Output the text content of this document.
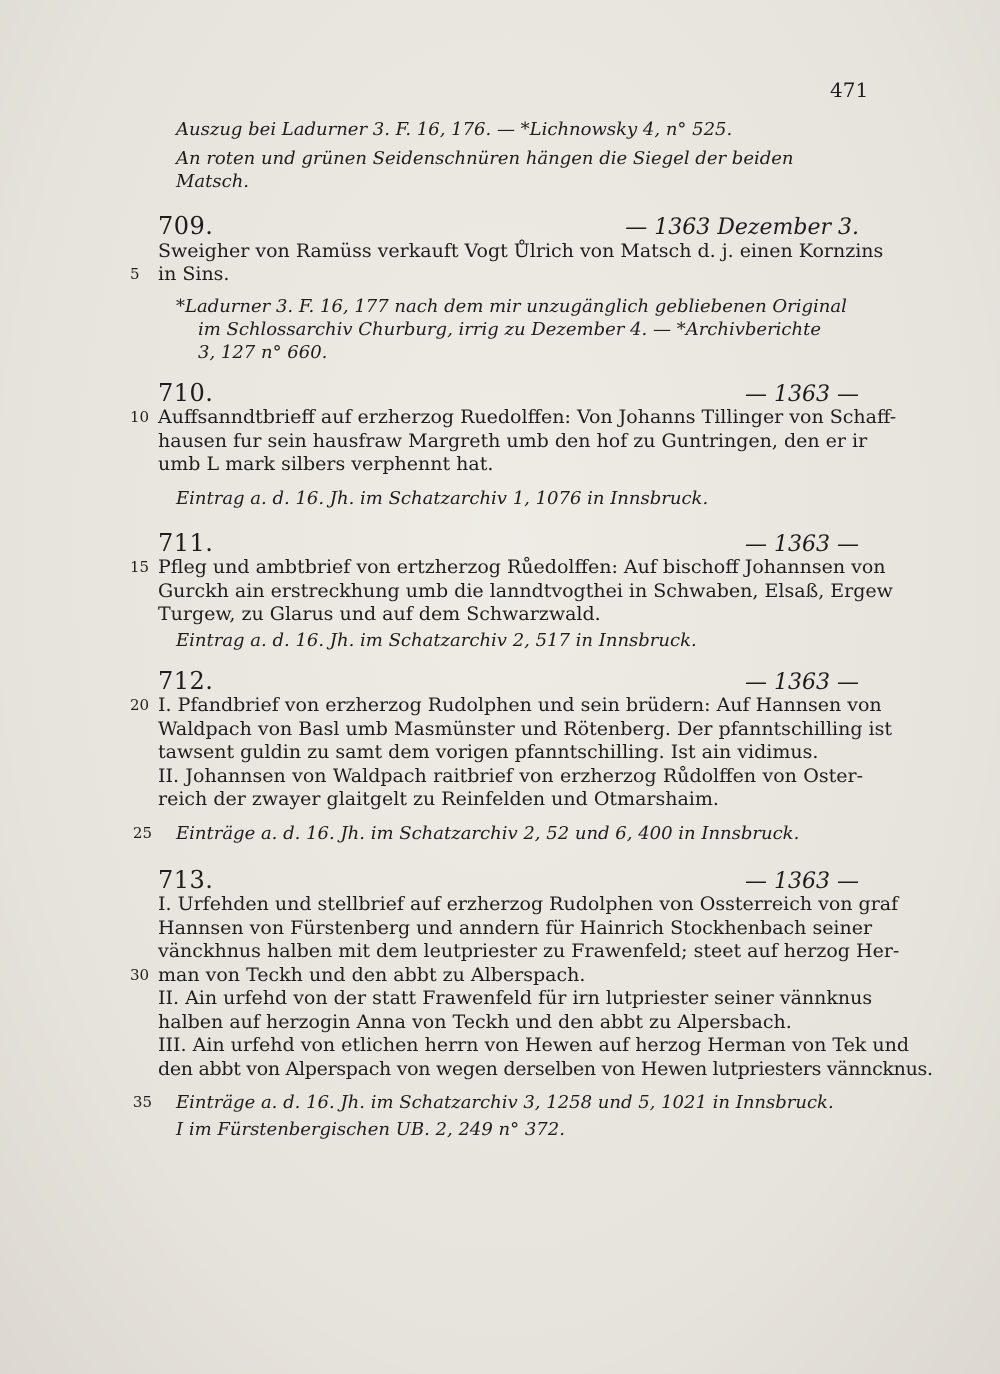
471

Auszug bei Ladurner 3. F. 16, 176. — *Lichnowsky 4, n° 525.

An roten und grünen Seidenschnüren hängen die Siegel der beiden Matsch.

709.	— 1363 Dezember 3.
Sweigher von Ramüss verkauft Vogt Ůlrich von Matsch d. j. einen Kornzins
5 in Sins.

*Ladurner 3. F. 16, 177 nach dem mir unzugänglich gebliebenen Original

im Schlossarchiv Churburg, irrig zu Dezember 4. — *Archivberichte

3, 127 n° 660.

710.	— 1363 —
10 Auffsanndtbrieff auf erzherzog Ruedolffen: Von Johanns Tillinger von Schaff-
hausen fur sein hausfraw Margreth umb den hof zu Guntringen, den er ir
umb L mark silbers verphennt hat.

Eintrag a. d. 16. Jh. im Schatzarchiv 1, 1076 in Innsbruck.

711.	— 1363 —
15 Pfleg und ambtbrief von ertzherzog Růedolffen: Auf bischoff Johannsen von
Gurckh ain erstreckhung umb die lanndtvogthei in Schwaben, Elsaß, Ergew
Turgew, zu Glarus und auf dem Schwarzwald.

Eintrag a. d. 16. Jh. im Schatzarchiv 2, 517 in Innsbruck.

712.	— 1363 —
20 I. Pfandbrief von erzherzog Rudolphen und sein brüdern: Auf Hannsen von
Waldpach von Basl umb Masmünster und Rötenberg. Der pfanntschilling ist
tawsent guldin zu samt dem vorigen pfanntschilling. Ist ain vidimus.
II. Johannsen von Waldpach raitbrief von erzherzog Růdolffen von Oster-
reich der zwayer glaitgelt zu Reinfelden und Otmarshaim.

25 Einträge a. d. 16. Jh. im Schatzarchiv 2, 52 und 6, 400 in Innsbruck.

713.	— 1363 —
I. Urfehden und stellbrief auf erzherzog Rudolphen von Ossterreich von graf
Hannsen von Fürstenberg und anndern für Hainrich Stockhenbach seiner
vänckhnus halben mit dem leutpriester zu Frawenfeld; steet auf herzog Her-
30 man von Teckh und den abbt zu Alberspach.
II. Ain urfehd von der statt Frawenfeld für irn lutpriester seiner vännknus
halben auf herzogin Anna von Teckh und den abbt zu Alpersbach.
III. Ain urfehd von etlichen herrn von Hewen auf herzog Herman von Tek und
den abbt von Alperspach von wegen derselben von Hewen lutpriesters vänncknus.

35 Einträge a. d. 16. Jh. im Schatzarchiv 3, 1258 und 5, 1021 in Innsbruck.

I im Fürstenbergischen UB. 2, 249 n° 372.
